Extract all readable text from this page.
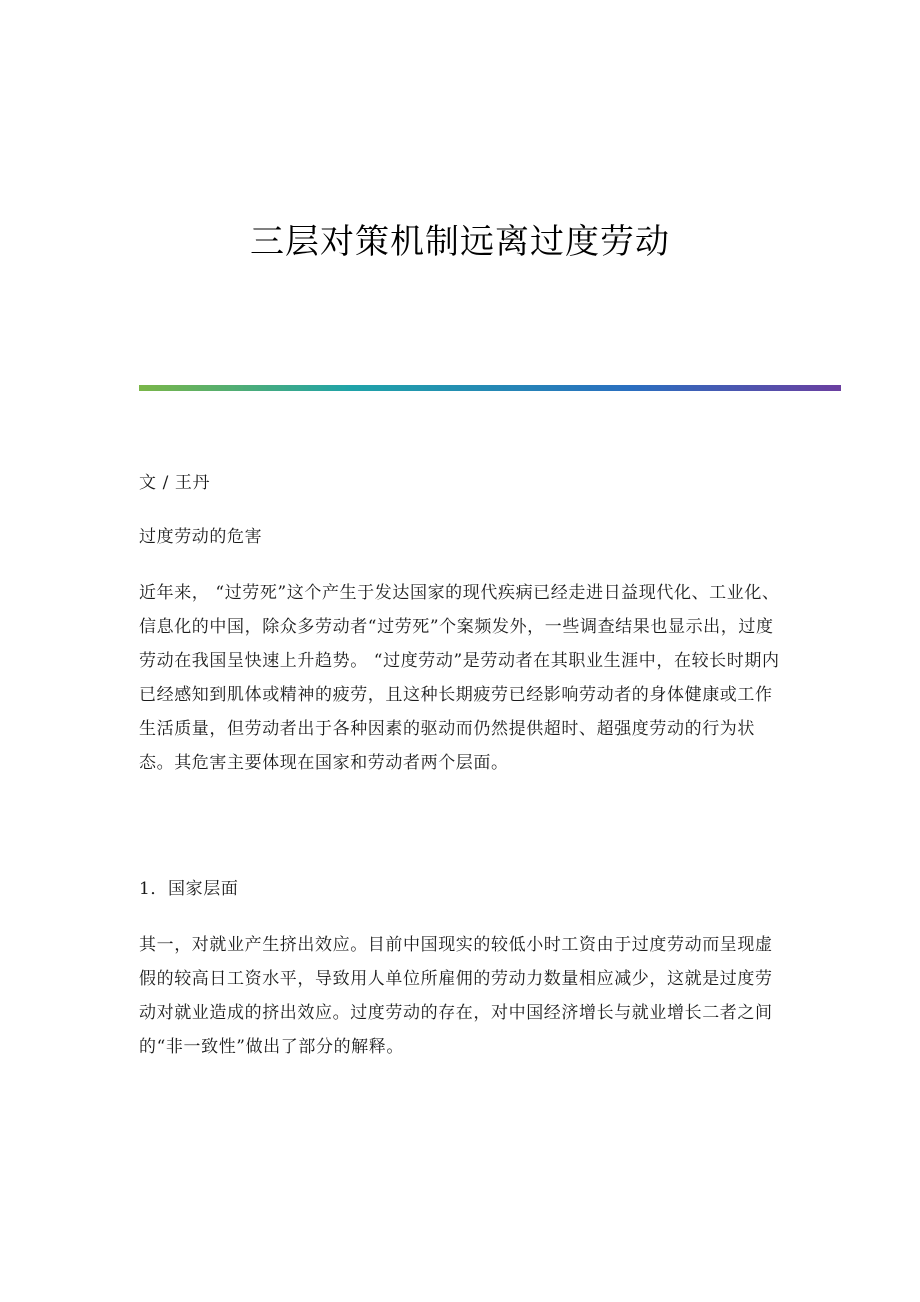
三层对策机制远离过度劳动

文 / 王丹

过度劳动的危害

近年来， “过劳死”这个产生于发达国家的现代疾病已经走进日益现代化、工业化、信息化的中国，除众多劳动者“过劳死”个案频发外，一些调查结果也显示出，过度劳动在我国呈快速上升趋势。 “过度劳动”是劳动者在其职业生涯中，在较长时期内已经感知到肌体或精神的疲劳，且这种长期疲劳已经影响劳动者的身体健康或工作生活质量，但劳动者出于各种因素的驱动而仍然提供超时、超强度劳动的行为状态。其危害主要体现在国家和劳动者两个层面。

1．国家层面

其一，对就业产生挤出效应。目前中国现实的较低小时工资由于过度劳动而呈现虚假的较高日工资水平，导致用人单位所雇佣的劳动力数量相应减少，这就是过度劳动对就业造成的挤出效应。过度劳动的存在，对中国经济增长与就业增长二者之间的“非一致性”做出了部分的解释。
